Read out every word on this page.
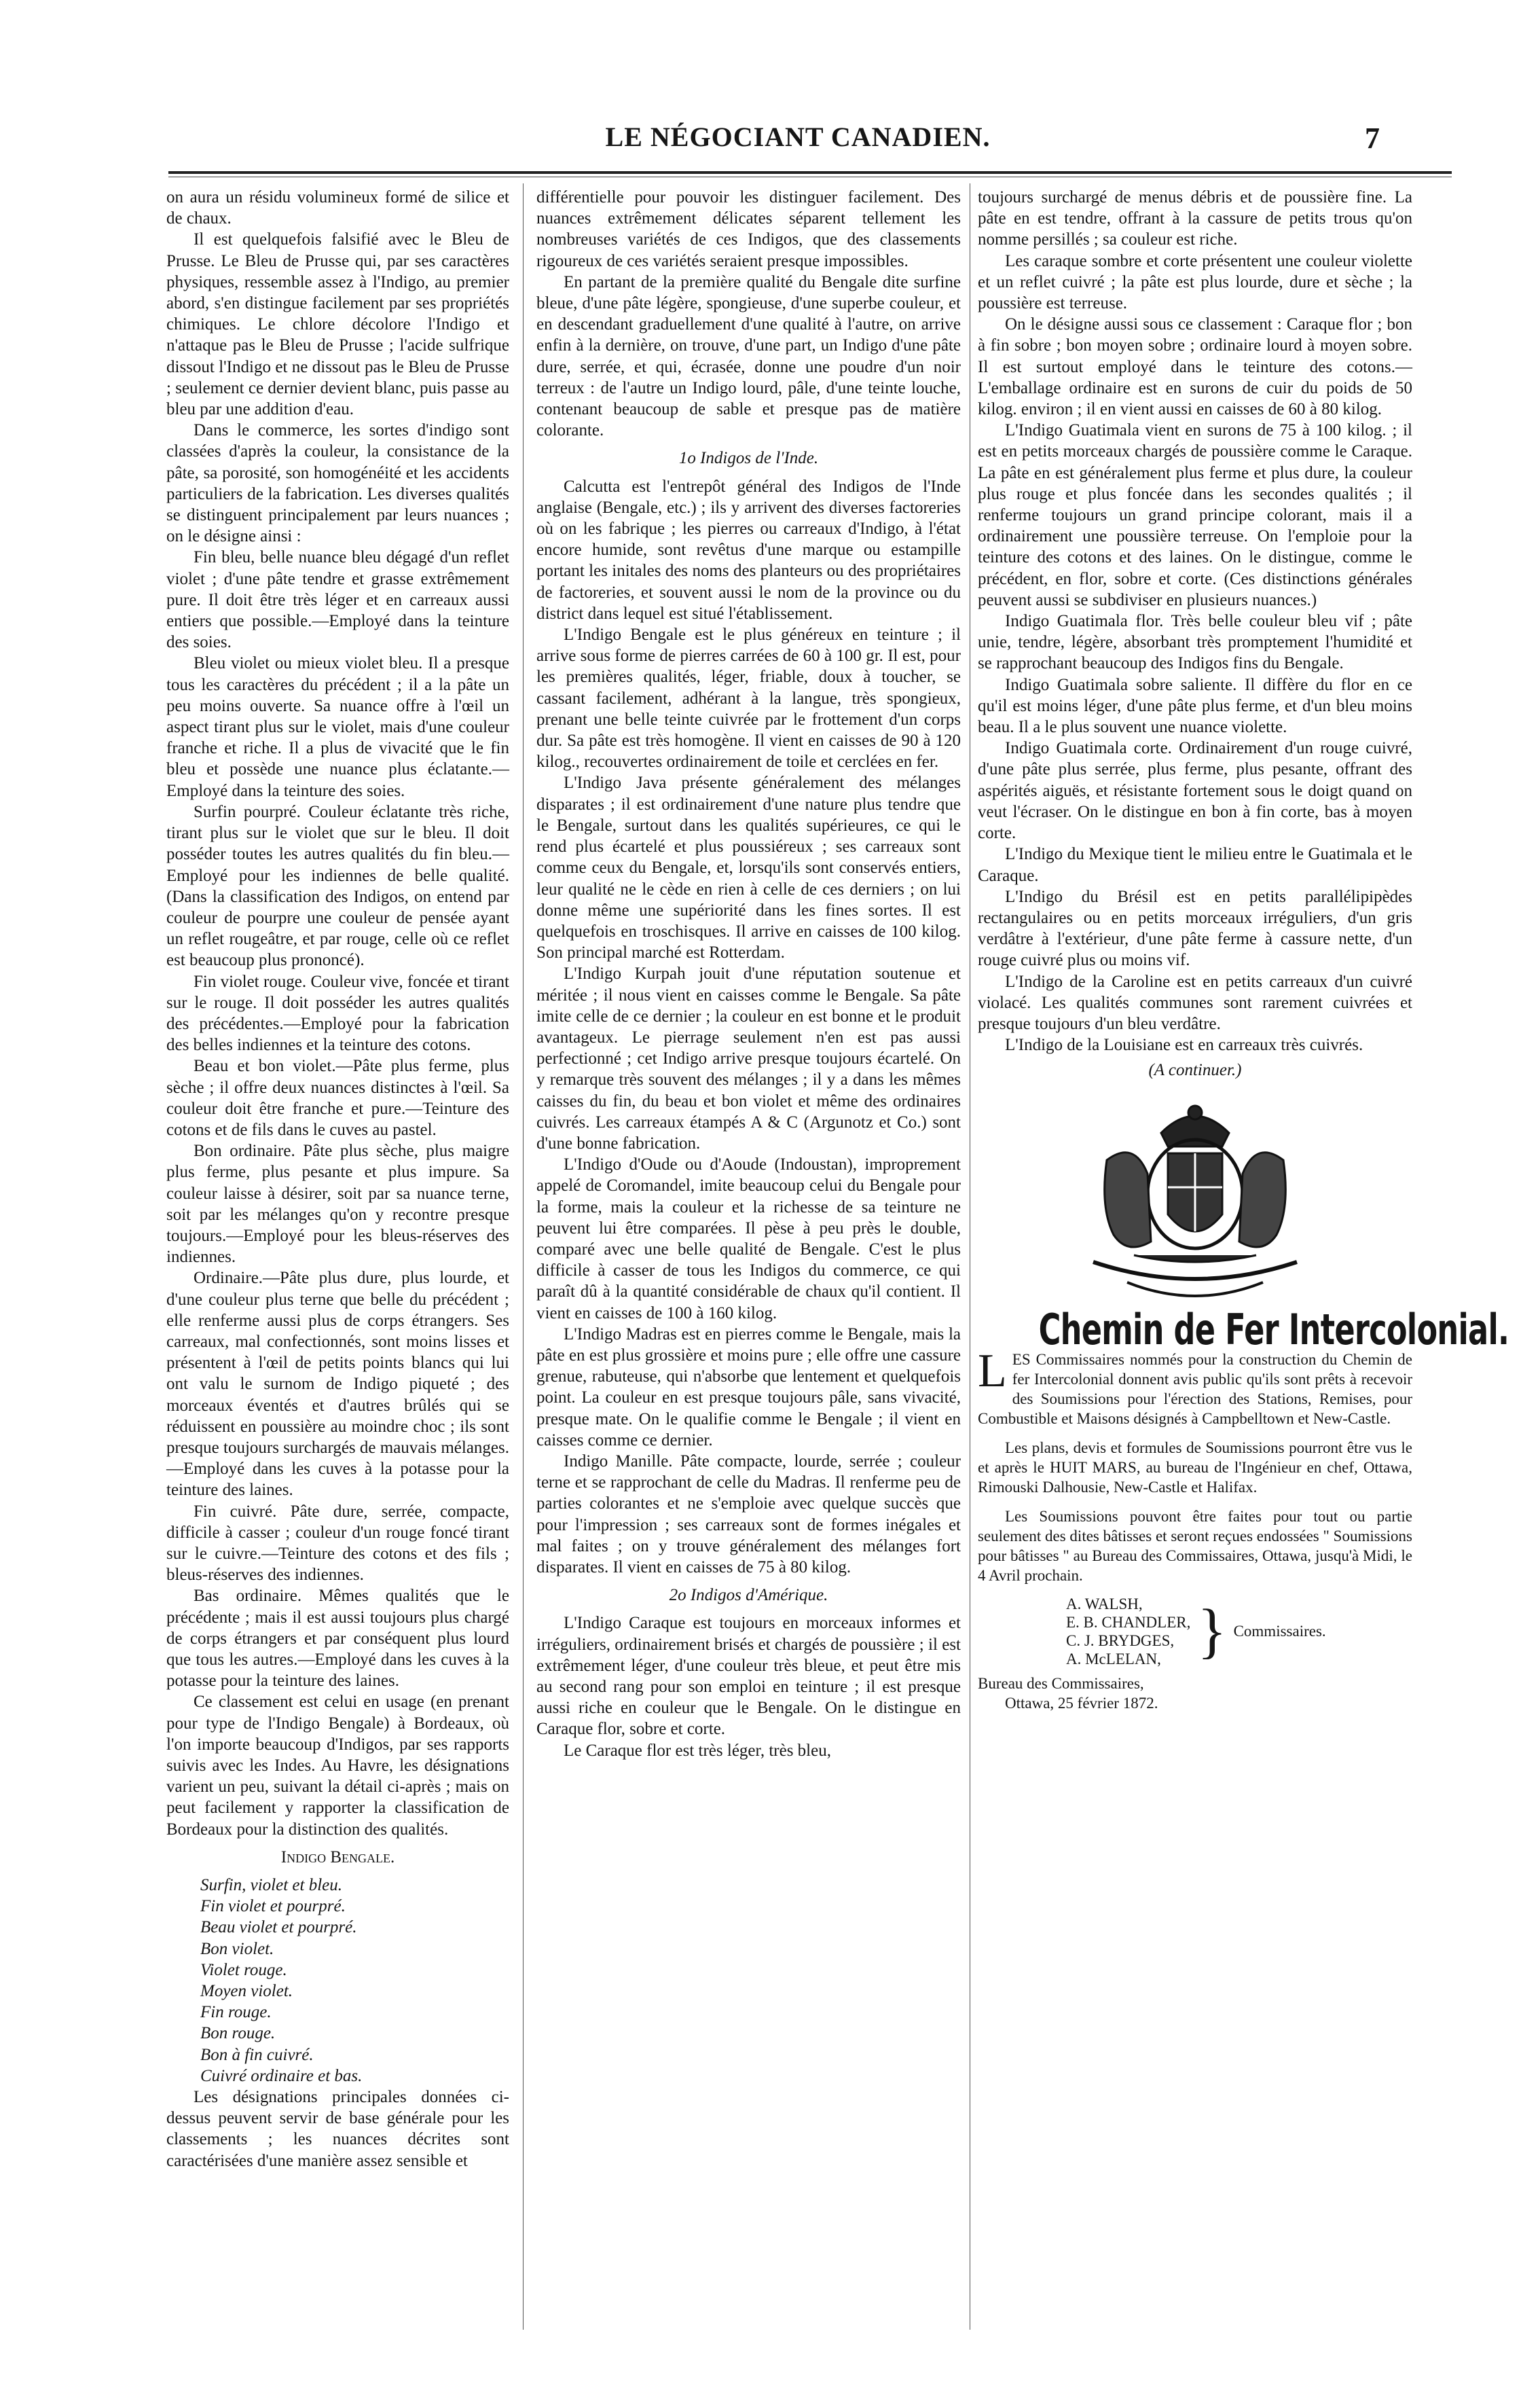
LE NÉGOCIANT CANADIEN.	7

on aura un résidu volumineux formé de silice et de chaux.

Il est quelquefois falsifié avec le Bleu de Prusse. Le Bleu de Prusse qui, par ses caractères physiques, ressemble assez à l'Indigo, au premier abord, s'en distingue facilement par ses propriétés chimiques. Le chlore décolore l'Indigo et n'attaque pas le Bleu de Prusse ; l'acide sulfrique dissout l'Indigo et ne dissout pas le Bleu de Prusse ; seulement ce dernier devient blanc, puis passe au bleu par une addition d'eau.

Dans le commerce, les sortes d'indigo sont classées d'après la couleur, la consistance de la pâte, sa porosité, son homogénéité et les accidents particuliers de la fabrication. Les diverses qualités se distinguent principalement par leurs nuances ; on le désigne ainsi :

Fin bleu, belle nuance bleu dégagé d'un reflet violet ; d'une pâte tendre et grasse extrêmement pure. Il doit être très léger et en carreaux aussi entiers que possible.—Employé dans la teinture des soies.

Bleu violet ou mieux violet bleu. Il a presque tous les caractères du précédent ; il a la pâte un peu moins ouverte. Sa nuance offre à l'œil un aspect tirant plus sur le violet, mais d'une couleur franche et riche. Il a plus de vivacité que le fin bleu et possède une nuance plus éclatante.—Employé dans la teinture des soies.

Surfin pourpré. Couleur éclatante très riche, tirant plus sur le violet que sur le bleu. Il doit posséder toutes les autres qualités du fin bleu.—Employé pour les indiennes de belle qualité. (Dans la classification des Indigos, on entend par couleur de pourpre une couleur de pensée ayant un reflet rougeâtre, et par rouge, celle où ce reflet est beaucoup plus prononcé).

Fin violet rouge. Couleur vive, foncée et tirant sur le rouge. Il doit posséder les autres qualités des précédentes.—Employé pour la fabrication des belles indiennes et la teinture des cotons.

Beau et bon violet.—Pâte plus ferme, plus sèche ; il offre deux nuances distinctes à l'œil. Sa couleur doit être franche et pure.—Teinture des cotons et de fils dans le cuves au pastel.

Bon ordinaire. Pâte plus sèche, plus maigre plus ferme, plus pesante et plus impure. Sa couleur laisse à désirer, soit par sa nuance terne, soit par les mélanges qu'on y recontre presque toujours.—Employé pour les bleus-réserves des indiennes.

Ordinaire.—Pâte plus dure, plus lourde, et d'une couleur plus terne que belle du précédent ; elle renferme aussi plus de corps étrangers. Ses carreaux, mal confectionnés, sont moins lisses et présentent à l'œil de petits points blancs qui lui ont valu le surnom de Indigo piqueté ; des morceaux éventés et d'autres brûlés qui se réduissent en poussière au moindre choc ; ils sont presque toujours surchargés de mauvais mélanges.—Employé dans les cuves à la potasse pour la teinture des laines.

Fin cuivré. Pâte dure, serrée, compacte, difficile à casser ; couleur d'un rouge foncé tirant sur le cuivre.—Teinture des cotons et des fils ; bleus-réserves des indiennes.

Bas ordinaire. Mêmes qualités que le précédente ; mais il est aussi toujours plus chargé de corps étrangers et par conséquent plus lourd que tous les autres.—Employé dans les cuves à la potasse pour la teinture des laines.

Ce classement est celui en usage (en prenant pour type de l'Indigo Bengale) à Bordeaux, où l'on importe beaucoup d'Indigos, par ses rapports suivis avec les Indes. Au Havre, les désignations varient un peu, suivant la détail ci-après ; mais on peut facilement y rapporter la classification de Bordeaux pour la distinction des qualités.

Indigo Bengale.

Surfin, violet et bleu.

Fin violet et pourpré.

Beau violet et pourpré.

Bon violet.

Violet rouge.

Moyen violet.

Fin rouge.

Bon rouge.

Bon à fin cuivré.

Cuivré ordinaire et bas.

Les désignations principales données ci-dessus peuvent servir de base générale pour les classements ; les nuances décrites sont caractérisées d'une manière assez sensible et

différentielle pour pouvoir les distinguer facilement. Des nuances extrêmement délicates séparent tellement les nombreuses variétés de ces Indigos, que des classements rigoureux de ces variétés seraient presque impossibles.

En partant de la première qualité du Bengale dite surfine bleue, d'une pâte légère, spongieuse, d'une superbe couleur, et en descendant graduellement d'une qualité à l'autre, on arrive enfin à la dernière, on trouve, d'une part, un Indigo d'une pâte dure, serrée, et qui, écrasée, donne une poudre d'un noir terreux : de l'autre un Indigo lourd, pâle, d'une teinte louche, contenant beaucoup de sable et presque pas de matière colorante.

1o Indigos de l'Inde.

Calcutta est l'entrepôt général des Indigos de l'Inde anglaise (Bengale, etc.) ; ils y arrivent des diverses factoreries où on les fabrique ; les pierres ou carreaux d'Indigo, à l'état encore humide, sont revêtus d'une marque ou estampille portant les initales des noms des planteurs ou des propriétaires de factoreries, et souvent aussi le nom de la province ou du district dans lequel est situé l'établissement.

L'Indigo Bengale est le plus généreux en teinture ; il arrive sous forme de pierres carrées de 60 à 100 gr. Il est, pour les premières qualités, léger, friable, doux à toucher, se cassant facilement, adhérant à la langue, très spongieux, prenant une belle teinte cuivrée par le frottement d'un corps dur. Sa pâte est très homogène. Il vient en caisses de 90 à 120 kilog., recouvertes ordinairement de toile et cerclées en fer.

L'Indigo Java présente généralement des mélanges disparates ; il est ordinairement d'une nature plus tendre que le Bengale, surtout dans les qualités supérieures, ce qui le rend plus écartelé et plus poussiéreux ; ses carreaux sont comme ceux du Bengale, et, lorsqu'ils sont conservés entiers, leur qualité ne le cède en rien à celle de ces derniers ; on lui donne même une supériorité dans les fines sortes. Il est quelquefois en troschisques. Il arrive en caisses de 100 kilog. Son principal marché est Rotterdam.

L'Indigo Kurpah jouit d'une réputation soutenue et méritée ; il nous vient en caisses comme le Bengale. Sa pâte imite celle de ce dernier ; la couleur en est bonne et le produit avantageux. Le pierrage seulement n'en est pas aussi perfectionné ; cet Indigo arrive presque toujours écartelé. On y remarque très souvent des mélanges ; il y a dans les mêmes caisses du fin, du beau et bon violet et même des ordinaires cuivrés. Les carreaux étampés A & C (Argunotz et Co.) sont d'une bonne fabrication.

L'Indigo d'Oude ou d'Aoude (Indoustan), improprement appelé de Coromandel, imite beaucoup celui du Bengale pour la forme, mais la couleur et la richesse de sa teinture ne peuvent lui être comparées. Il pèse à peu près le double, comparé avec une belle qualité de Bengale. C'est le plus difficile à casser de tous les Indigos du commerce, ce qui paraît dû à la quantité considérable de chaux qu'il contient. Il vient en caisses de 100 à 160 kilog.

L'Indigo Madras est en pierres comme le Bengale, mais la pâte en est plus grossière et moins pure ; elle offre une cassure grenue, rabuteuse, qui n'absorbe que lentement et quelquefois point. La couleur en est presque toujours pâle, sans vivacité, presque mate. On le qualifie comme le Bengale ; il vient en caisses comme ce dernier.

Indigo Manille. Pâte compacte, lourde, serrée ; couleur terne et se rapprochant de celle du Madras. Il renferme peu de parties colorantes et ne s'emploie avec quelque succès que pour l'impression ; ses carreaux sont de formes inégales et mal faites ; on y trouve généralement des mélanges fort disparates. Il vient en caisses de 75 à 80 kilog.

2o Indigos d'Amérique.

L'Indigo Caraque est toujours en morceaux informes et irréguliers, ordinairement brisés et chargés de poussière ; il est extrêmement léger, d'une couleur très bleue, et peut être mis au second rang pour son emploi en teinture ; il est presque aussi riche en couleur que le Bengale. On le distingue en Caraque flor, sobre et corte.

Le Caraque flor est très léger, très bleu,

toujours surchargé de menus débris et de poussière fine. La pâte en est tendre, offrant à la cassure de petits trous qu'on nomme persillés ; sa couleur est riche.

Les caraque sombre et corte présentent une couleur violette et un reflet cuivré ; la pâte est plus lourde, dure et sèche ; la poussière est terreuse.

On le désigne aussi sous ce classement : Caraque flor ; bon à fin sobre ; bon moyen sobre ; ordinaire lourd à moyen sobre. Il est surtout employé dans le teinture des cotons.—L'emballage ordinaire est en surons de cuir du poids de 50 kilog. environ ; il en vient aussi en caisses de 60 à 80 kilog.

L'Indigo Guatimala vient en surons de 75 à 100 kilog. ; il est en petits morceaux chargés de poussière comme le Caraque. La pâte en est généralement plus ferme et plus dure, la couleur plus rouge et plus foncée dans les secondes qualités ; il renferme toujours un grand principe colorant, mais il a ordinairement une poussière terreuse. On l'emploie pour la teinture des cotons et des laines. On le distingue, comme le précédent, en flor, sobre et corte. (Ces distinctions générales peuvent aussi se subdiviser en plusieurs nuances.)

Indigo Guatimala flor. Très belle couleur bleu vif ; pâte unie, tendre, légère, absorbant très promptement l'humidité et se rapprochant beaucoup des Indigos fins du Bengale.

Indigo Guatimala sobre saliente. Il diffère du flor en ce qu'il est moins léger, d'une pâte plus ferme, et d'un bleu moins beau. Il a le plus souvent une nuance violette.

Indigo Guatimala corte. Ordinairement d'un rouge cuivré, d'une pâte plus serrée, plus ferme, plus pesante, offrant des aspérités aiguës, et résistante fortement sous le doigt quand on veut l'écraser. On le distingue en bon à fin corte, bas à moyen corte.

L'Indigo du Mexique tient le milieu entre le Guatimala et le Caraque.

L'Indigo du Brésil est en petits parallélipipèdes rectangulaires ou en petits morceaux irréguliers, d'un gris verdâtre à l'extérieur, d'une pâte ferme à cassure nette, d'un rouge cuivré plus ou moins vif.

L'Indigo de la Caroline est en petits carreaux d'un cuivré violacé. Les qualités communes sont rarement cuivrées et presque toujours d'un bleu verdâtre.

L'Indigo de la Louisiane est en carreaux très cuivrés.

(A continuer.)

Chemin de Fer Intercolonial.

L ES Commissaires nommés pour la construction du Chemin de fer Intercolonial donnent avis public qu'ils sont prêts à recevoir des Soumissions pour l'érection des Stations, Remises, pour Combustible et Maisons désignés à Campbelltown et New-Castle.

Les plans, devis et formules de Soumissions pourront être vus le et après le HUIT MARS, au bureau de l'Ingénieur en chef, Ottawa, Rimouski Dalhousie, New-Castle et Halifax.

Les Soumissions pouvont être faites pour tout ou partie seulement des dites bâtisses et seront reçues endossées " Soumissions pour bâtisses " au Bureau des Commissaires, Ottawa, jusqu'à Midi, le 4 Avril prochain.

A. WALSH,
E. B. CHANDLER,
C. J. BRYDGES,
A. McLELAN, } Commissaires.
Bureau des Commissaires,
Ottawa, 25 février 1872.
